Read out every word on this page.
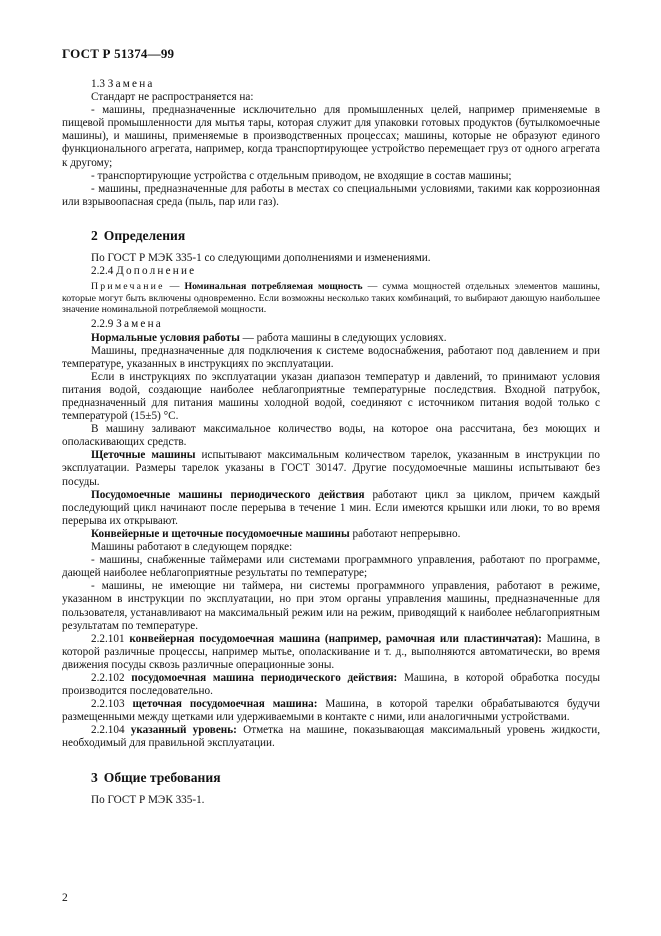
ГОСТ Р 51374—99

1.3 Замена

Стандарт не распространяется на:

- машины, предназначенные исключительно для промышленных целей, например применяемые в пищевой промышленности для мытья тары, которая служит для упаковки готовых продуктов (бутылкомоечные машины), и машины, применяемые в производственных процессах; машины, которые не образуют единого функционального агрегата, например, когда транспортирующее устройство перемещает груз от одного агрегата к другому;

- транспортирующие устройства с отдельным приводом, не входящие в состав машины;

- машины, предназначенные для работы в местах со специальными условиями, такими как коррозионная или взрывоопасная среда (пыль, пар или газ).

2 Определения

По ГОСТ Р МЭК 335-1 со следующими дополнениями и изменениями.

2.2.4 Дополнение

Примечание — Номинальная потребляемая мощность — сумма мощностей отдельных элементов машины, которые могут быть включены одновременно. Если возможны несколько таких комбинаций, то выбирают дающую наибольшее значение номинальной потребляемой мощности.

2.2.9 Замена

Нормальные условия работы — работа машины в следующих условиях.

Машины, предназначенные для подключения к системе водоснабжения, работают под давлением и при температуре, указанных в инструкциях по эксплуатации.

Если в инструкциях по эксплуатации указан диапазон температур и давлений, то принимают условия питания водой, создающие наиболее неблагоприятные температурные последствия. Входной патрубок, предназначенный для питания машины холодной водой, соединяют с источником питания водой только с температурой (15±5) °С.

В машину заливают максимальное количество воды, на которое она рассчитана, без моющих и ополаскивающих средств.

Щеточные машины испытывают максимальным количеством тарелок, указанным в инструкции по эксплуатации. Размеры тарелок указаны в ГОСТ 30147. Другие посудомоечные машины испытывают без посуды.

Посудомоечные машины периодического действия работают цикл за циклом, причем каждый последующий цикл начинают после перерыва в течение 1 мин. Если имеются крышки или люки, то во время перерыва их открывают.

Конвейерные и щеточные посудомоечные машины работают непрерывно.

Машины работают в следующем порядке:

- машины, снабженные таймерами или системами программного управления, работают по программе, дающей наиболее неблагоприятные результаты по температуре;

- машины, не имеющие ни таймера, ни системы программного управления, работают в режиме, указанном в инструкции по эксплуатации, но при этом органы управления машины, предназначенные для пользователя, устанавливают на максимальный режим или на режим, приводящий к наиболее неблагоприятным результатам по температуре.

2.2.101 конвейерная посудомоечная машина (например, рамочная или пластинчатая): Машина, в которой различные процессы, например мытье, ополаскивание и т. д., выполняются автоматически, во время движения посуды сквозь различные операционные зоны.

2.2.102 посудомоечная машина периодического действия: Машина, в которой обработка посуды производится последовательно.

2.2.103 щеточная посудомоечная машина: Машина, в которой тарелки обрабатываются будучи размещенными между щетками или удерживаемыми в контакте с ними, или аналогичными устройствами.

2.2.104 указанный уровень: Отметка на машине, показывающая максимальный уровень жидкости, необходимый для правильной эксплуатации.

3 Общие требования

По ГОСТ Р МЭК 335-1.

2
